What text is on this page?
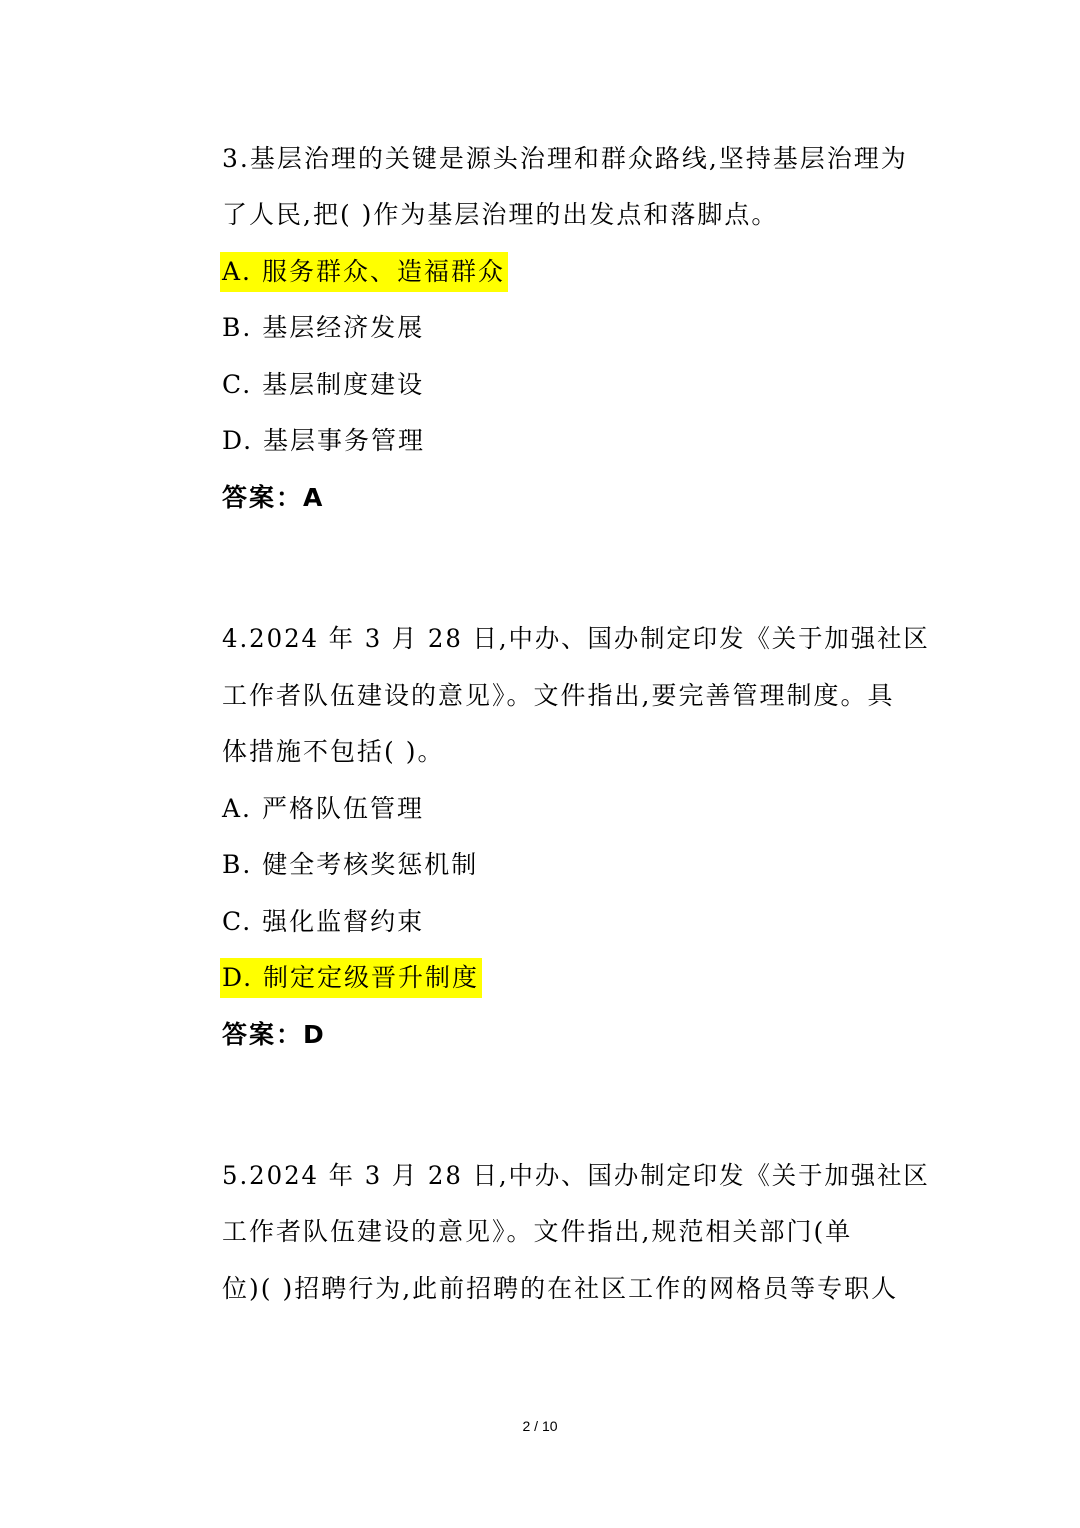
3.基层治理的关键是源头治理和群众路线,坚持基层治理为
了人民,把( )作为基层治理的出发点和落脚点。
A. 服务群众、造福群众
B. 基层经济发展
C. 基层制度建设
D. 基层事务管理
答案：A
4.2024 年 3 月 28 日,中办、国办制定印发《关于加强社区
工作者队伍建设的意见》。文件指出,要完善管理制度。具
体措施不包括( )。
A. 严格队伍管理
B. 健全考核奖惩机制
C. 强化监督约束
D. 制定定级晋升制度
答案：D
5.2024 年 3 月 28 日,中办、国办制定印发《关于加强社区
工作者队伍建设的意见》。文件指出,规范相关部门(单
位)( )招聘行为,此前招聘的在社区工作的网格员等专职人
2 / 10
